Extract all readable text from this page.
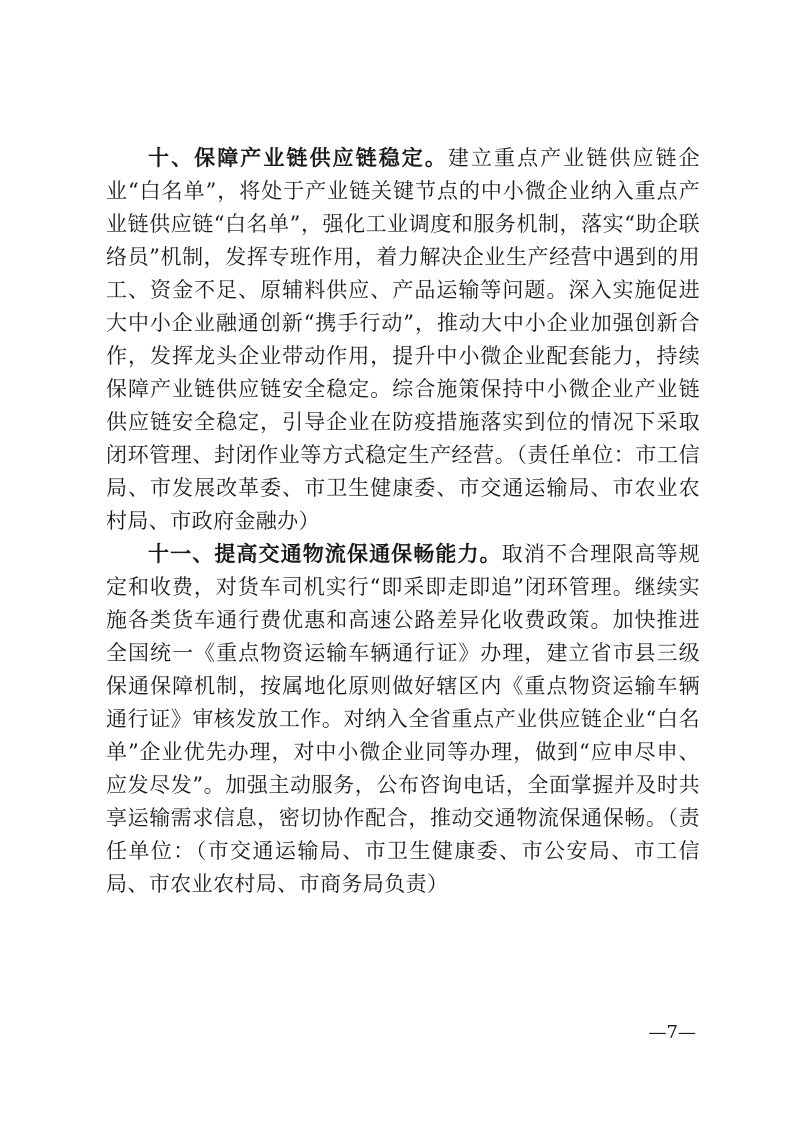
十、保障产业链供应链稳定。建立重点产业链供应链企业“白名单”，将处于产业链关键节点的中小微企业纳入重点产业链供应链“白名单”，强化工业调度和服务机制，落实“助企联络员”机制，发挥专班作用，着力解决企业生产经营中遇到的用工、资金不足、原辅料供应、产品运输等问题。深入实施促进大中小企业融通创新“携手行动”，推动大中小企业加强创新合作，发挥龙头企业带动作用，提升中小微企业配套能力，持续保障产业链供应链安全稳定。综合施策保持中小微企业产业链供应链安全稳定，引导企业在防疫措施落实到位的情况下采取闭环管理、封闭作业等方式稳定生产经营。（责任单位：市工信局、市发展改革委、市卫生健康委、市交通运输局、市农业农村局、市政府金融办）

十一、提高交通物流保通保畅能力。取消不合理限高等规定和收费，对货车司机实行“即采即走即追”闭环管理。继续实施各类货车通行费优惠和高速公路差异化收费政策。加快推进全国统一《重点物资运输车辆通行证》办理，建立省市县三级保通保障机制，按属地化原则做好辖区内《重点物资运输车辆通行证》审核发放工作。对纳入全省重点产业供应链企业“白名单”企业优先办理，对中小微企业同等办理，做到“应申尽申、应发尽发”。加强主动服务，公布咨询电话，全面掌握并及时共享运输需求信息，密切协作配合，推动交通物流保通保畅。（责任单位：（市交通运输局、市卫生健康委、市公安局、市工信局、市农业农村局、市商务局负责）

—7—
